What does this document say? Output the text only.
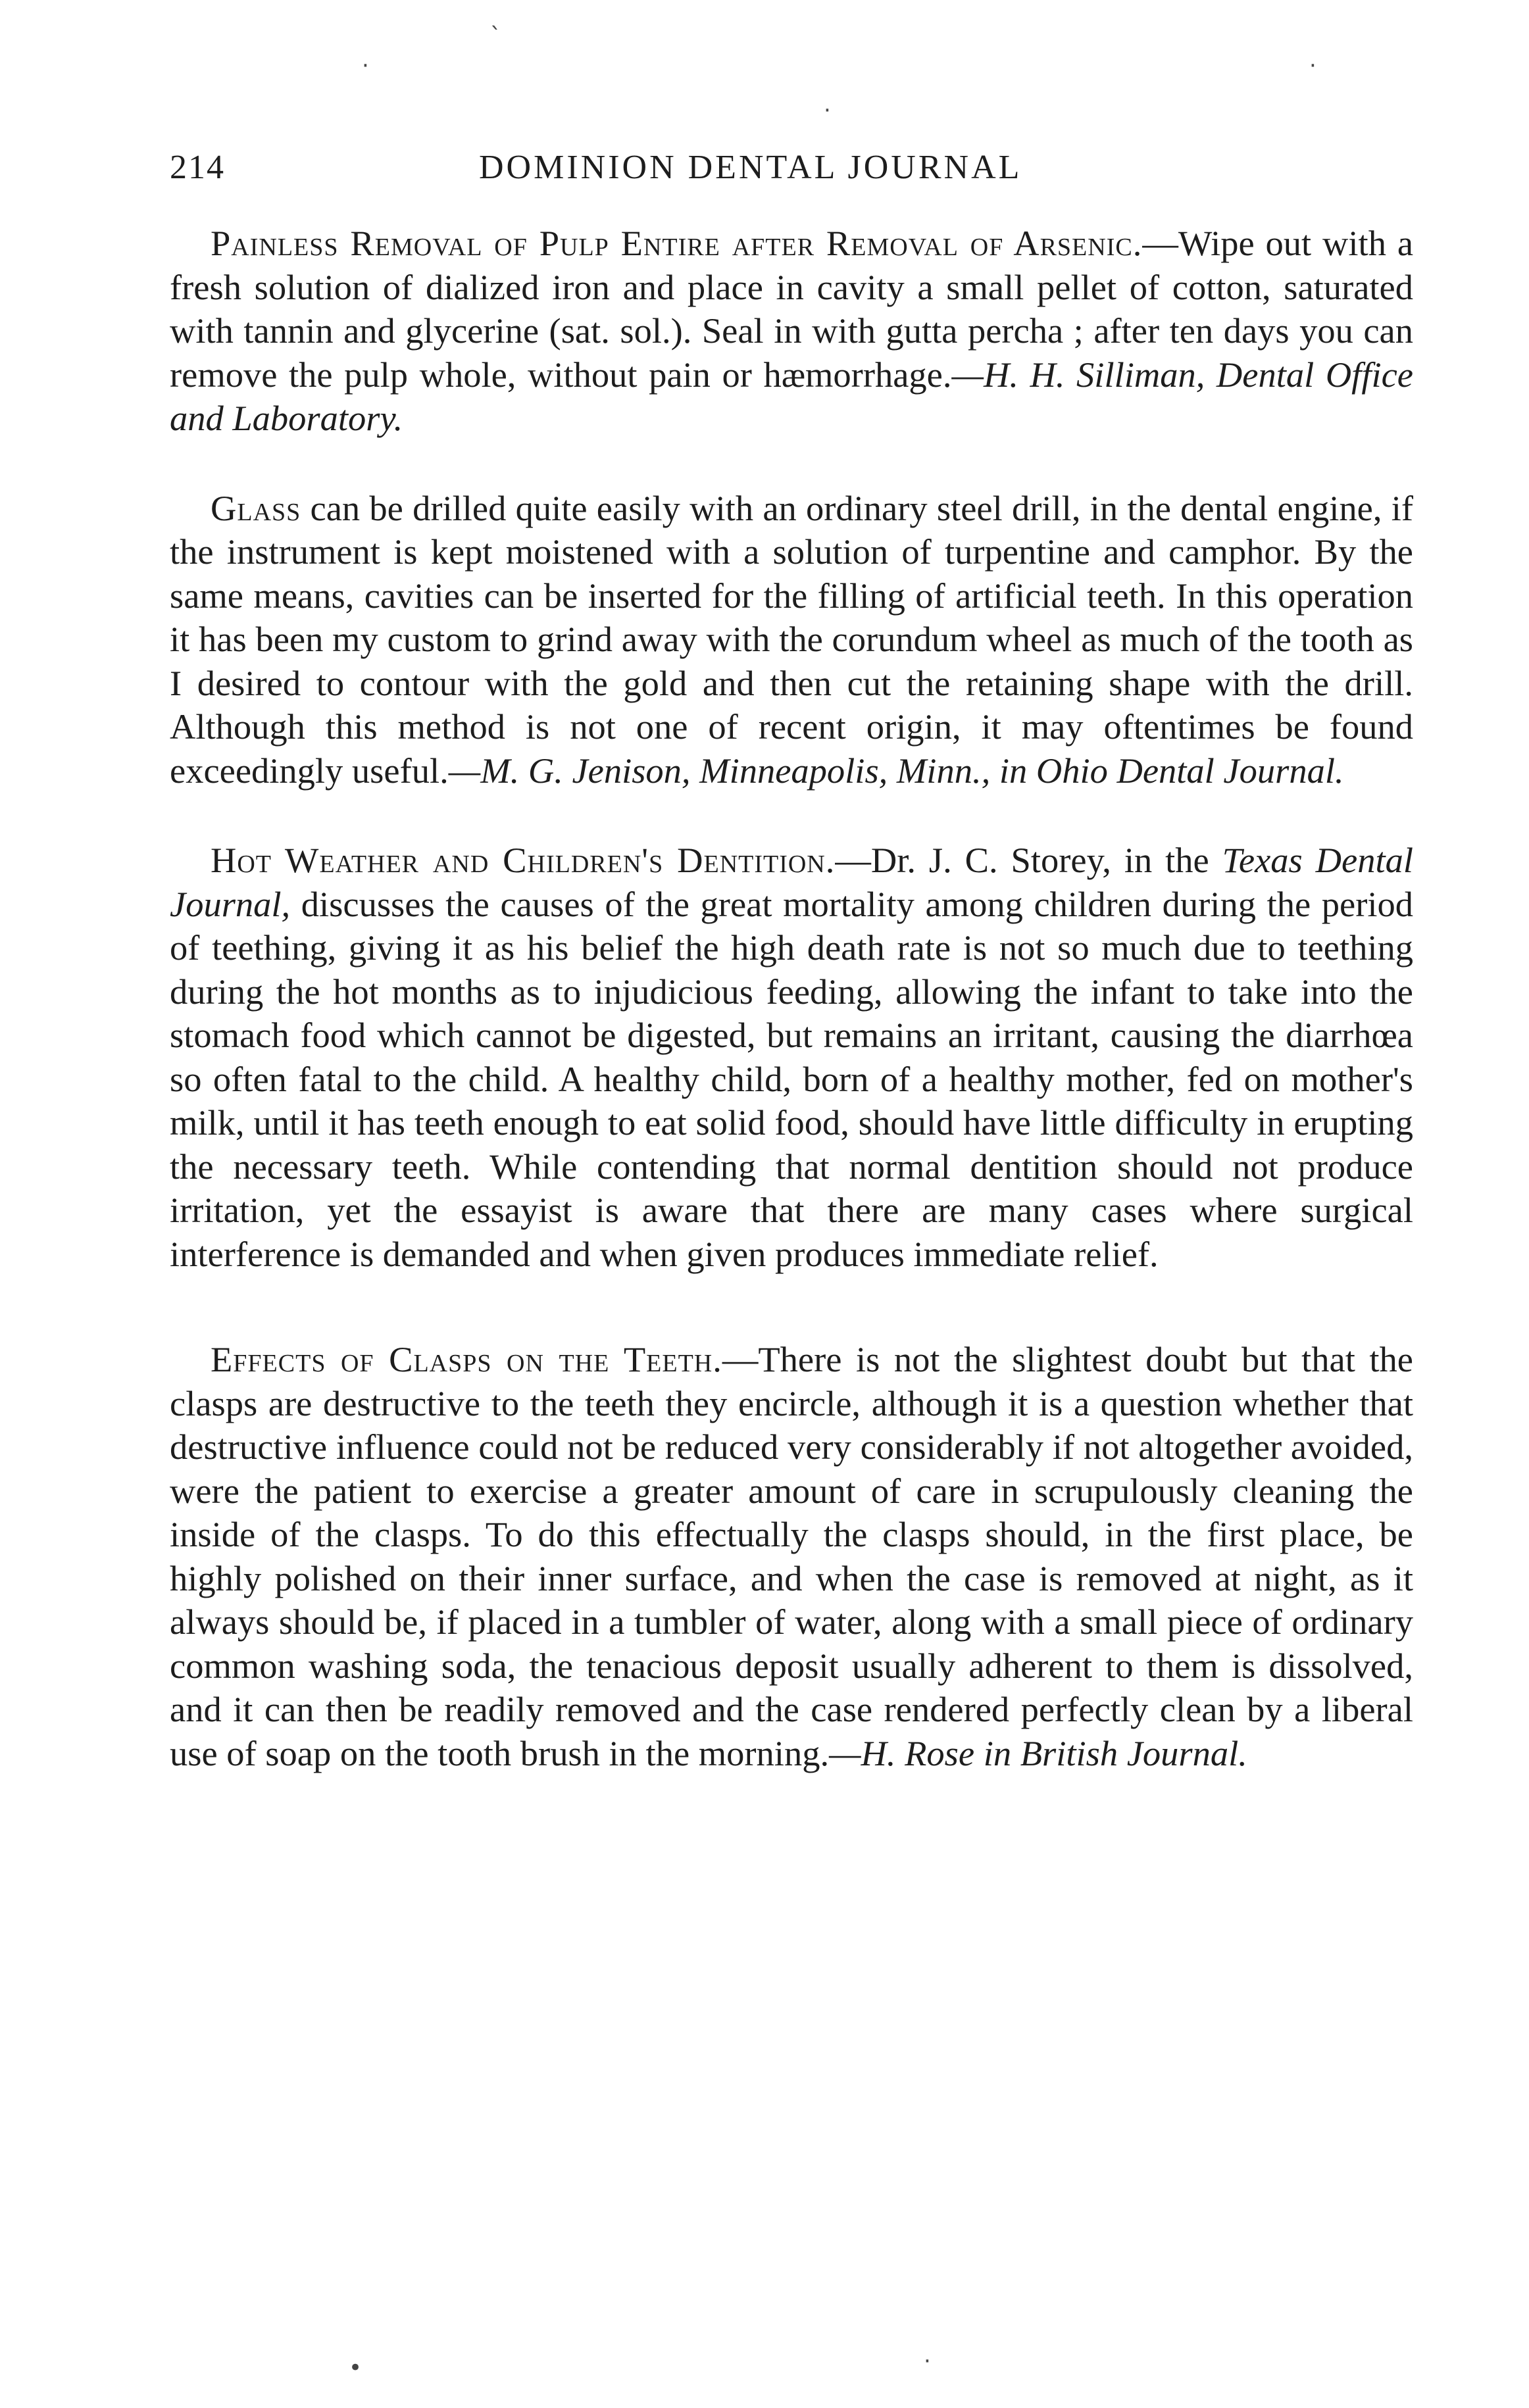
214	DOMINION DENTAL JOURNAL

Painless Removal of Pulp Entire after Removal of Arsenic.—Wipe out with a fresh solution of dialized iron and place in cavity a small pellet of cotton, saturated with tannin and glycerine (sat. sol.). Seal in with gutta percha ; after ten days you can remove the pulp whole, without pain or hæmorrhage.—H. H. Silliman, Dental Office and Laboratory.

Glass can be drilled quite easily with an ordinary steel drill, in the dental engine, if the instrument is kept moistened with a solution of turpentine and camphor. By the same means, cavities can be inserted for the filling of artificial teeth. In this operation it has been my custom to grind away with the corundum wheel as much of the tooth as I desired to contour with the gold and then cut the retaining shape with the drill. Although this method is not one of recent origin, it may oftentimes be found exceedingly useful.—M. G. Jenison, Minneapolis, Minn., in Ohio Dental Journal.

Hot Weather and Children's Dentition.—Dr. J. C. Storey, in the Texas Dental Journal, discusses the causes of the great mortality among children during the period of teething, giving it as his belief the high death rate is not so much due to teething during the hot months as to injudicious feeding, allowing the infant to take into the stomach food which cannot be digested, but remains an irritant, causing the diarrhœa so often fatal to the child. A healthy child, born of a healthy mother, fed on mother's milk, until it has teeth enough to eat solid food, should have little difficulty in erupting the necessary teeth. While contending that normal dentition should not produce irritation, yet the essayist is aware that there are many cases where surgical interference is demanded and when given produces immediate relief.

Effects of Clasps on the Teeth.—There is not the slightest doubt but that the clasps are destructive to the teeth they encircle, although it is a question whether that destructive influence could not be reduced very considerably if not altogether avoided, were the patient to exercise a greater amount of care in scrupulously cleaning the inside of the clasps. To do this effectually the clasps should, in the first place, be highly polished on their inner surface, and when the case is removed at night, as it always should be, if placed in a tumbler of water, along with a small piece of ordinary common washing soda, the tenacious deposit usually adherent to them is dissolved, and it can then be readily removed and the case rendered perfectly clean by a liberal use of soap on the tooth brush in the morning.—H. Rose in British Journal.

ˋ
·	·
·
•	·
